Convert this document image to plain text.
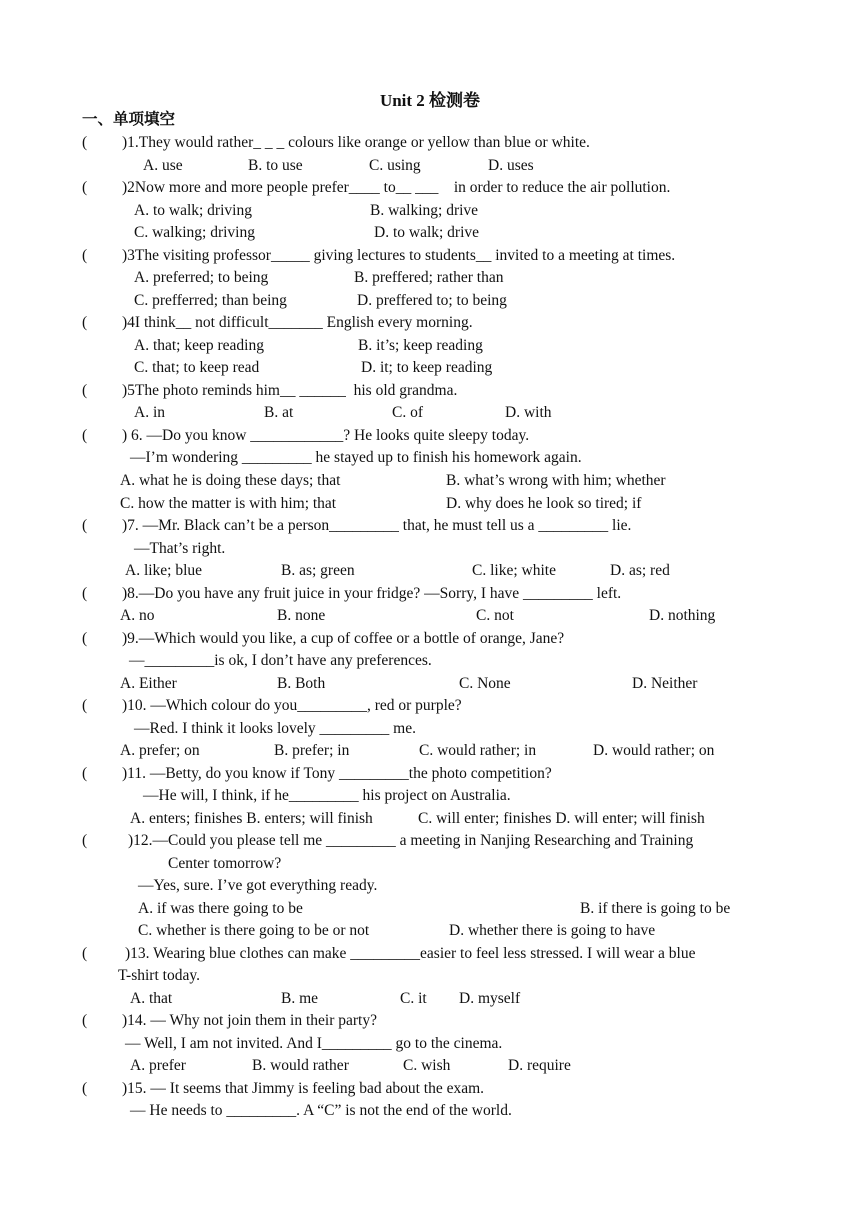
Unit 2 检测卷
一、单项填空
( )1.They would rather_ _ _ colours like orange or yellow than blue or white.
A. use	B. to use	C. using	D. uses
( )2Now more and more people prefer____ to__ ___    in order to reduce the air pollution.
A. to walk; driving	B. walking; drive
C. walking; driving	D. to walk; drive
( )3The visiting professor_____ giving lectures to students__ invited to a meeting at times.
A. preferred; to being	B. preffered; rather than
C. prefferred; than being	D. preffered to; to being
( )4I think__ not difficult_______ English every morning.
A. that; keep reading	B. it’s; keep reading
C. that; to keep read	D. it; to keep reading
( )5The photo reminds him__ ______  his old grandma.
A. in	B. at	C. of	D. with
( ) 6. —Do you know ____________? He looks quite sleepy today.
—I’m wondering _________ he stayed up to finish his homework again.
A. what he is doing these days; that	B. what’s wrong with him; whether
C. how the matter is with him; that	D. why does he look so tired; if
( )7. —Mr. Black can’t be a person_________ that, he must tell us a _________ lie.
—That’s right.
A. like; blue	B. as; green	C. like; white	D. as; red
( )8.—Do you have any fruit juice in your fridge? —Sorry, I have _________ left.
A. no	B. none	C. not	D. nothing
( )9.—Which would you like, a cup of coffee or a bottle of orange, Jane?
—_________is ok, I don’t have any preferences.
A. Either	B. Both	C. None	D. Neither
( )10. —Which colour do you_________, red or purple?
—Red. I think it looks lovely _________ me.
A. prefer; on	B. prefer; in	C. would rather; in	D. would rather; on
( )11. —Betty, do you know if Tony _________the photo competition?
—He will, I think, if he_________ his project on Australia.
A. enters; finishes B. enters; will finish	C. will enter; finishes D. will enter; will finish
(	)12.—Could you please tell me _________ a meeting in Nanjing Researching and Training
Center tomorrow?
—Yes, sure. I’ve got everything ready.
A. if was there going to be	B. if there is going to be
C. whether is there going to be or not	D. whether there is going to have
( )13. Wearing blue clothes can make _________easier to feel less stressed. I will wear a blue
T-shirt today.
A. that	B. me	C. it D. myself
( )14. — Why not join them in their party?
— Well, I am not invited. And I_________ go to the cinema.
A. prefer	B. would rather	C. wish	D. require
( )15. — It seems that Jimmy is feeling bad about the exam.
— He needs to _________. A “C” is not the end of the world.
